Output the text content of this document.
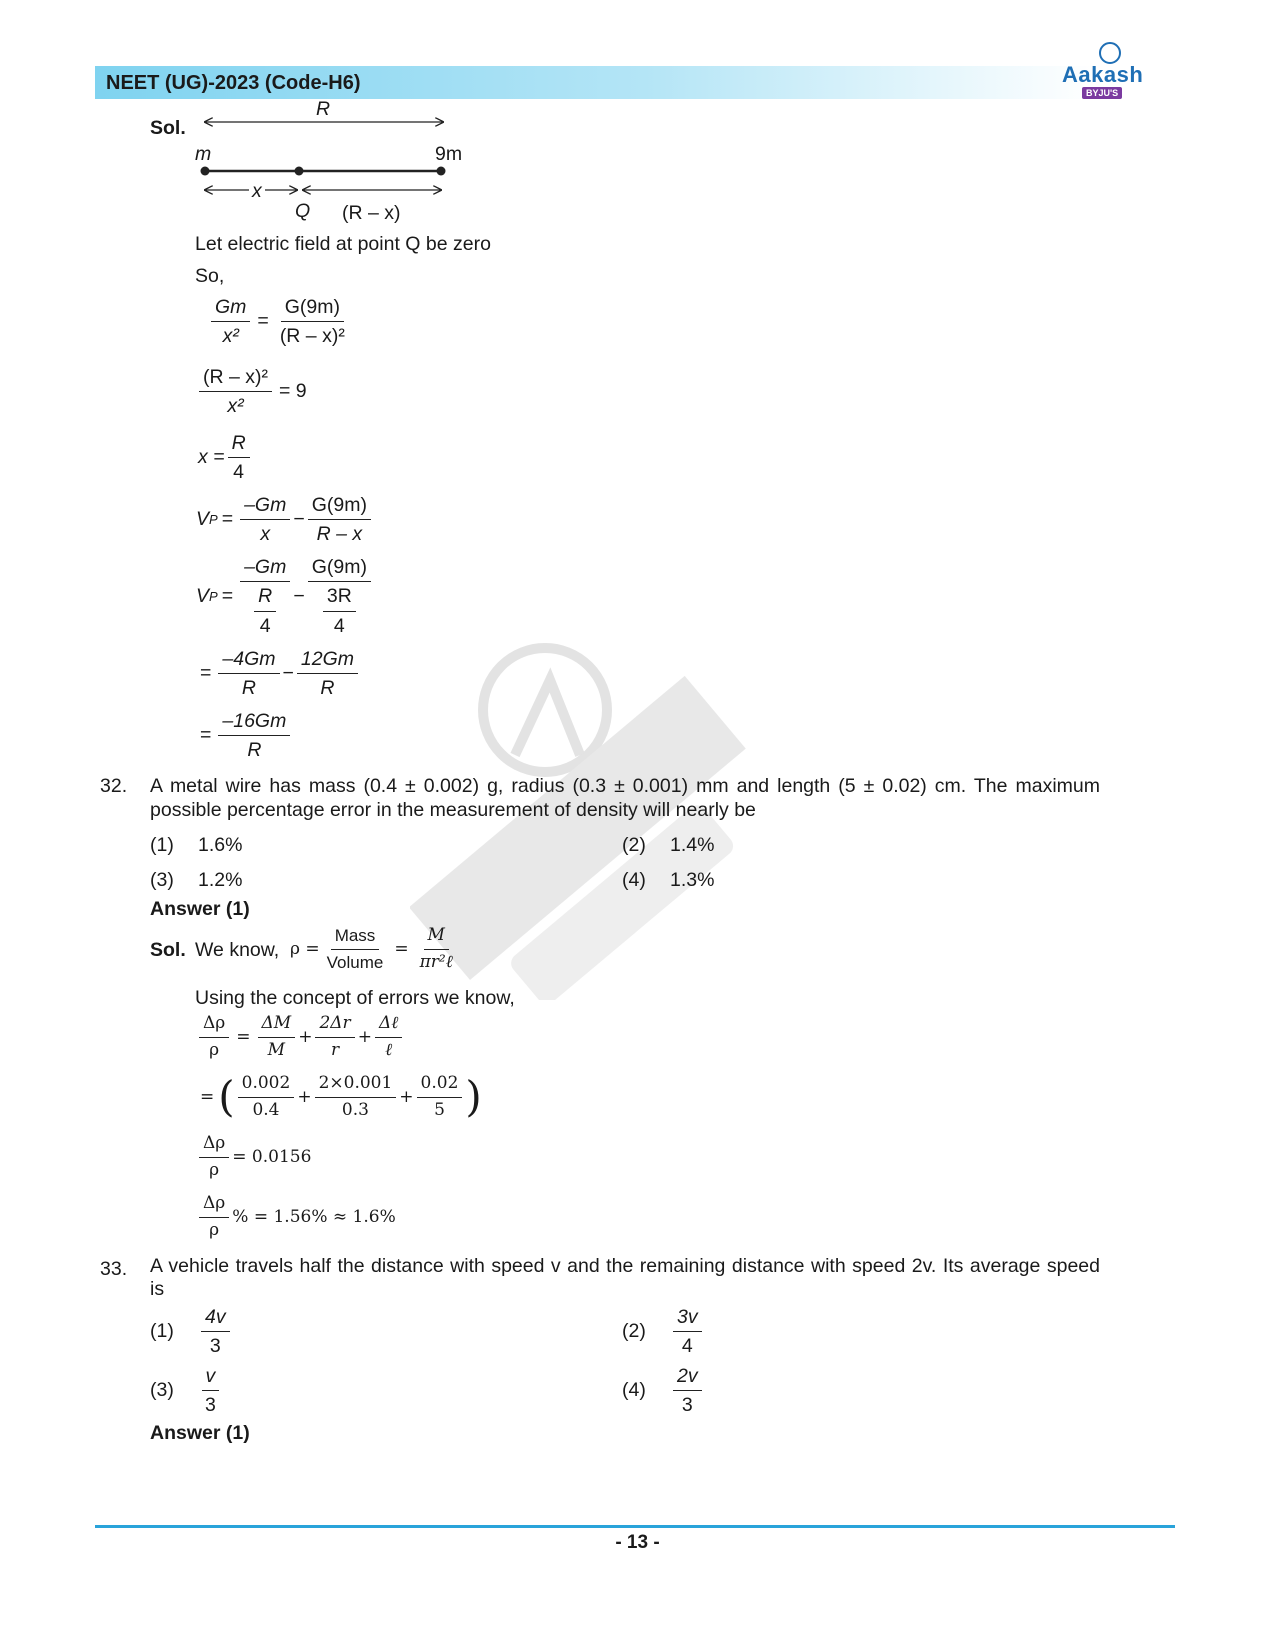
NEET (UG)-2023 (Code-H6)	Aakash
BYJU'S
Sol.
R
m	9m
x
Q (R – x)
Let electric field at point Q be zero
So,
$\frac{Gm}{\text{x²}} = \frac{G(9m)}{\text{(R – x)²}}$
$\frac{\text{(R – x)²}}{\text{x²}} = 9$
$x = \frac{R}{4}$
V $P = \frac{-Gm}{x} - \frac{G(9m)}{R - x}$
V $P = \frac{-Gm}{\frac{R}{4}} - \frac{G(9m)}{\frac{3R}{4}}$
= $\frac{-4Gm}{R} - \frac{12Gm}{R}$
= $\frac{-16Gm}{R}$
32. A metal wire has mass (0.4 ± 0.002) g, radius (0.3 ± 0.001) mm and length (5 ± 0.02) cm. The maximum
possible percentage error in the measurement of density will nearly be
(1) 1.6%	(2) 1.4%
(3) 1.2%	(4) 1.3%
Answer (1)
Sol. We know, $\rho = \frac{\text{Mass}}{\text{Volume}} = \frac{M}{\text{πr²ℓ}}$
Using the concept of errors we know,
$\frac{\Delta\rho}{\rho} = \frac{\Delta M}{M} + \frac{2\Delta r}{r} + \frac{\text{Δℓ}}{\text{ℓ}}$
= ( $\frac{0.002}{0.4} + \frac{2\times 0.001}{0.3} + \frac{0.02}{5}$ )
$\frac{\Delta\rho}{\rho} = 0.0156$
$\frac{\Delta\rho}{\rho}$ % = 1.56% ≈ 1.6%
33. A vehicle travels half the distance with speed v and the remaining distance with speed 2v. Its average speed
is
(1)	$\frac{4v}{3}$	(2)	$\frac{3v}{4}$
(3)	$\frac{v}{3}$	(4)	$\frac{2v}{3}$
Answer (1)
- 13 -
